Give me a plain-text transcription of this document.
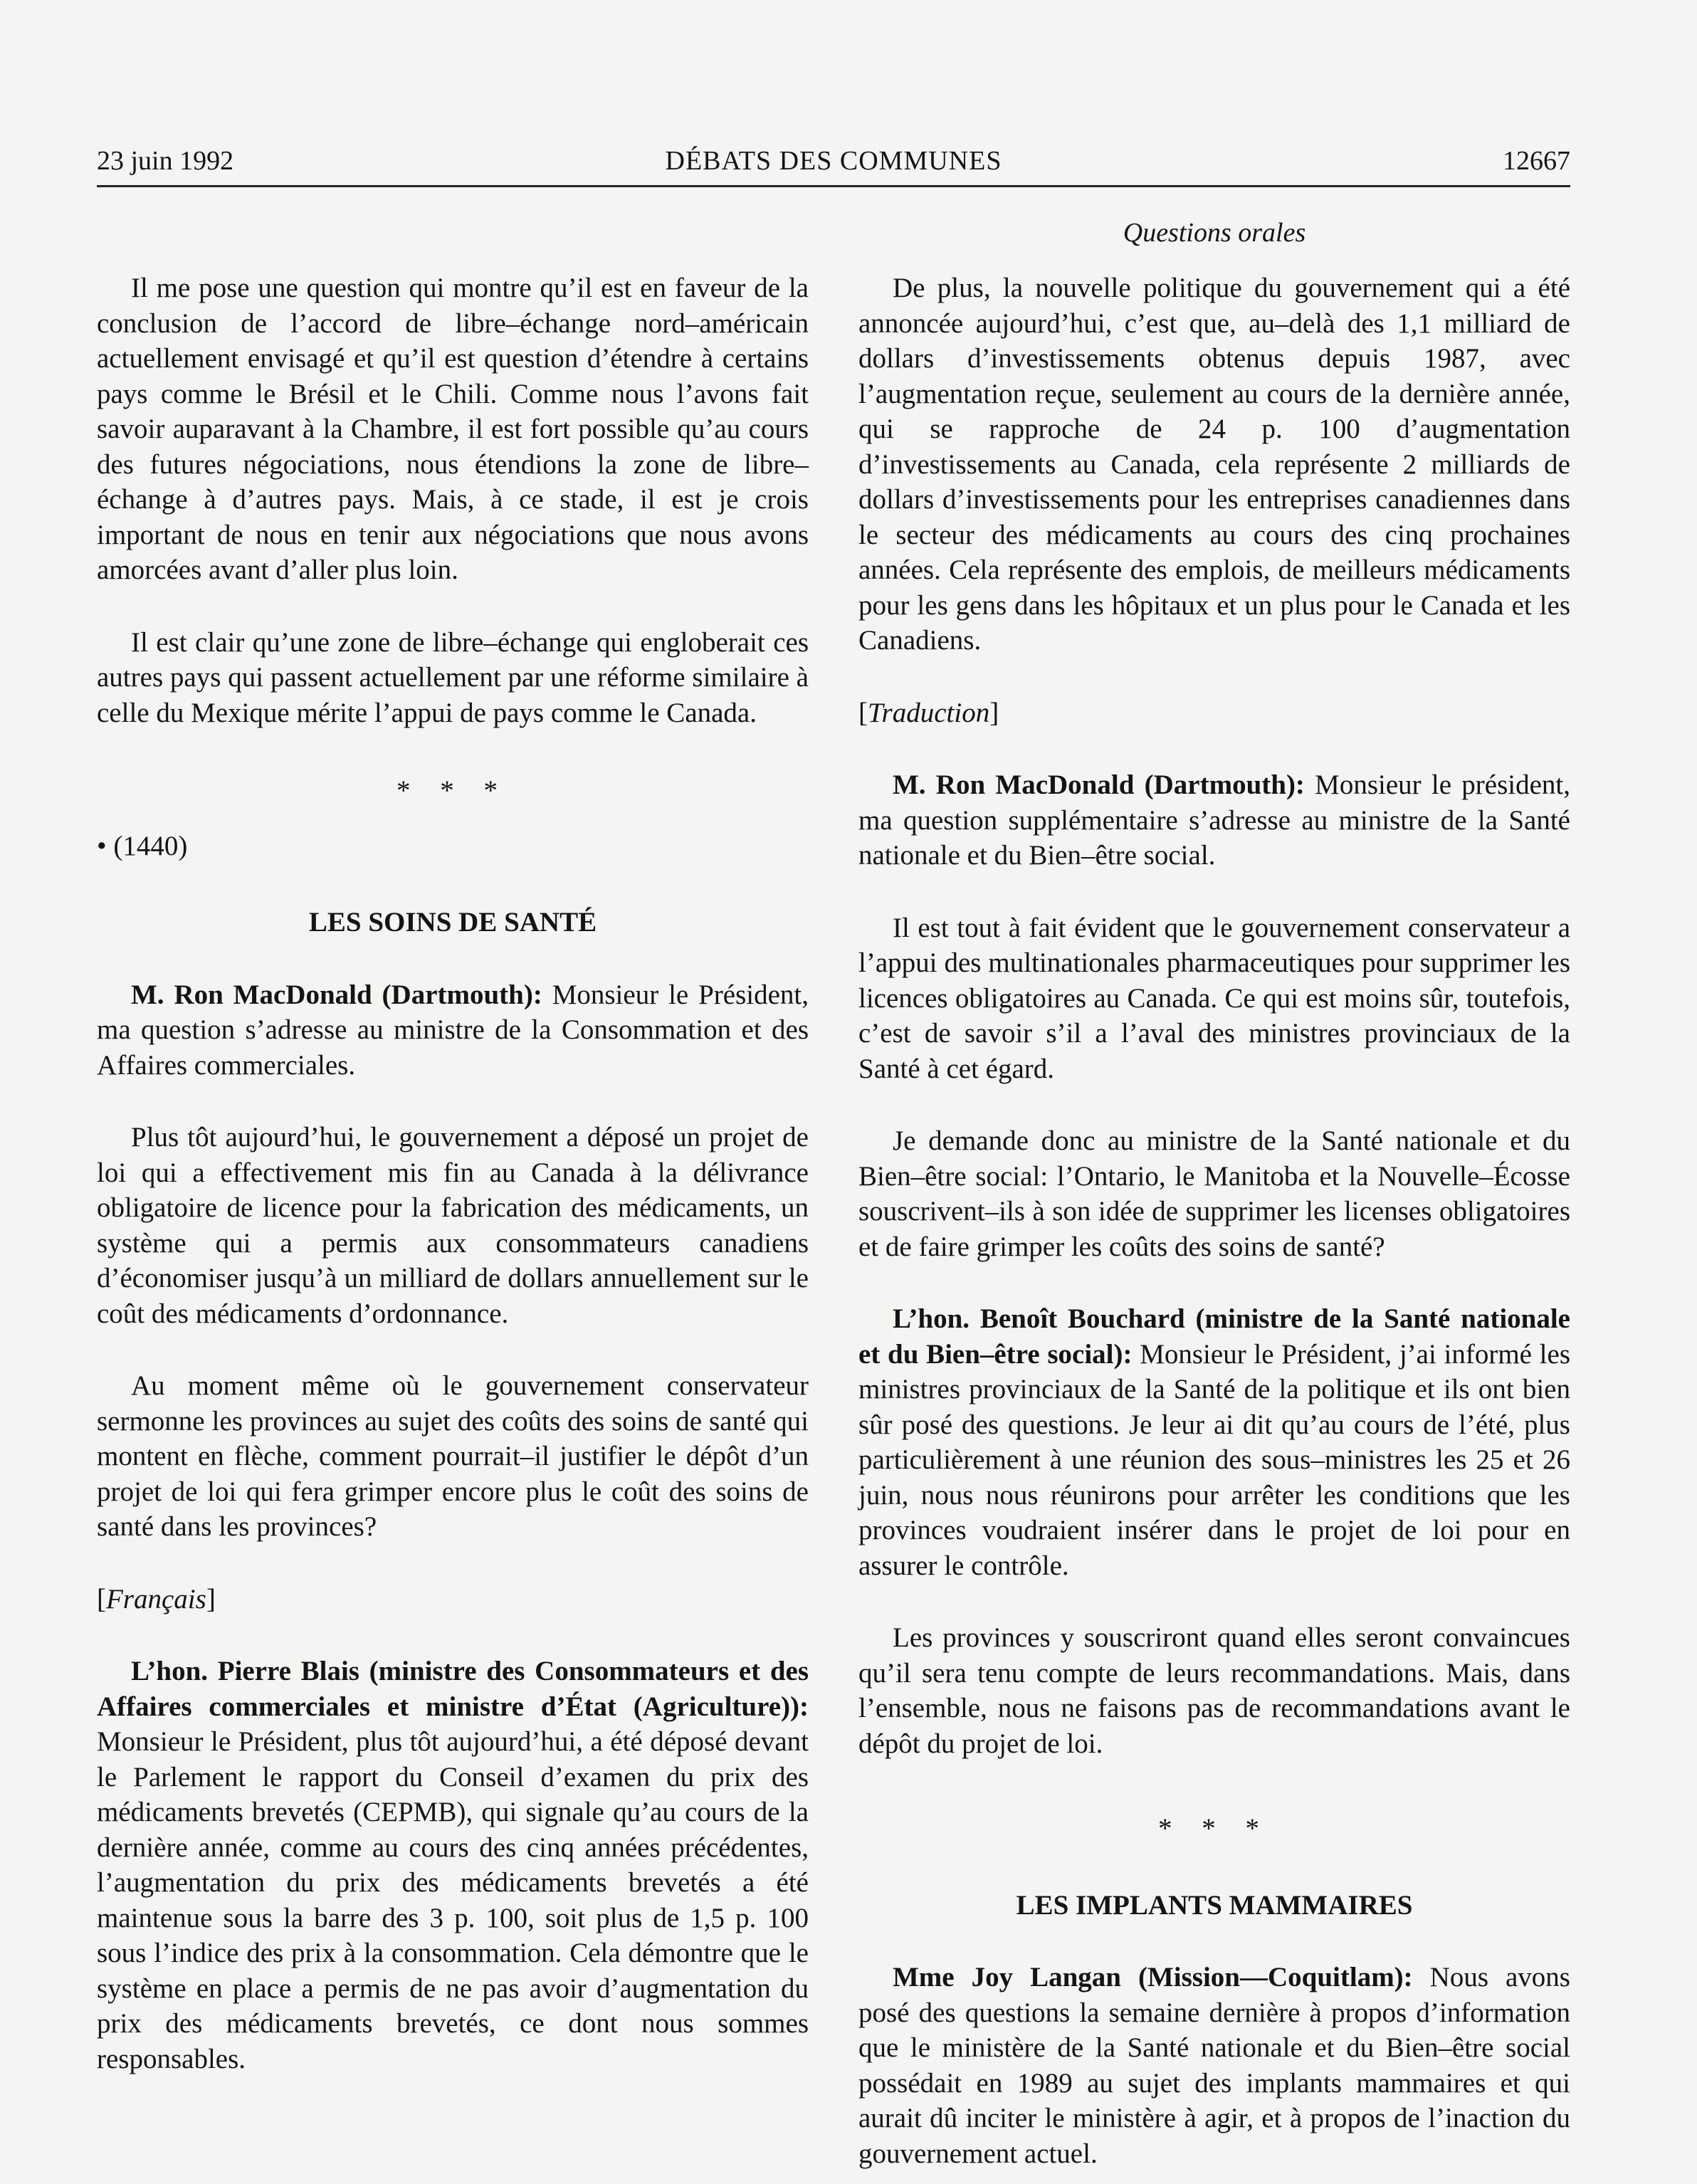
23 juin 1992	DÉBATS DES COMMUNES	12667
Questions orales

Il me pose une question qui montre qu’il est en faveur de la conclusion de l’accord de libre–échange nord–américain actuellement envisagé et qu’il est question d’étendre à certains pays comme le Brésil et le Chili. Comme nous l’avons fait savoir auparavant à la Chambre, il est fort possible qu’au cours des futures négociations, nous étendions la zone de libre–échange à d’autres pays. Mais, à ce stade, il est je crois important de nous en tenir aux négociations que nous avons amorcées avant d’aller plus loin.

Il est clair qu’une zone de libre–échange qui engloberait ces autres pays qui passent actuellement par une réforme similaire à celle du Mexique mérite l’appui de pays comme le Canada.

* * *

• (1440)

LES SOINS DE SANTÉ

M. Ron MacDonald (Dartmouth): Monsieur le Président, ma question s’adresse au ministre de la Consommation et des Affaires commerciales.

Plus tôt aujourd’hui, le gouvernement a déposé un projet de loi qui a effectivement mis fin au Canada à la délivrance obligatoire de licence pour la fabrication des médicaments, un système qui a permis aux consommateurs canadiens d’économiser jusqu’à un milliard de dollars annuellement sur le coût des médicaments d’ordonnance.

Au moment même où le gouvernement conservateur sermonne les provinces au sujet des coûts des soins de santé qui montent en flèche, comment pourrait–il justifier le dépôt d’un projet de loi qui fera grimper encore plus le coût des soins de santé dans les provinces?

[Français]

L’hon. Pierre Blais (ministre des Consommateurs et des Affaires commerciales et ministre d’État (Agriculture)): Monsieur le Président, plus tôt aujourd’hui, a été déposé devant le Parlement le rapport du Conseil d’examen du prix des médicaments brevetés (CEPMB), qui signale qu’au cours de la dernière année, comme au cours des cinq années précédentes, l’augmentation du prix des médicaments brevetés a été maintenue sous la barre des 3 p. 100, soit plus de 1,5 p. 100 sous l’indice des prix à la consommation. Cela démontre que le système en place a permis de ne pas avoir d’augmentation du prix des médicaments brevetés, ce dont nous sommes responsables.

De plus, la nouvelle politique du gouvernement qui a été annoncée aujourd’hui, c’est que, au–delà des 1,1 milliard de dollars d’investissements obtenus depuis 1987, avec l’augmentation reçue, seulement au cours de la dernière année, qui se rapproche de 24 p. 100 d’augmentation d’investissements au Canada, cela représente 2 milliards de dollars d’investissements pour les entreprises canadiennes dans le secteur des médicaments au cours des cinq prochaines années. Cela représente des emplois, de meilleurs médicaments pour les gens dans les hôpitaux et un plus pour le Canada et les Canadiens.

[Traduction]

M. Ron MacDonald (Dartmouth): Monsieur le président, ma question supplémentaire s’adresse au ministre de la Santé nationale et du Bien–être social.

Il est tout à fait évident que le gouvernement conservateur a l’appui des multinationales pharmaceutiques pour supprimer les licences obligatoires au Canada. Ce qui est moins sûr, toutefois, c’est de savoir s’il a l’aval des ministres provinciaux de la Santé à cet égard.

Je demande donc au ministre de la Santé nationale et du Bien–être social: l’Ontario, le Manitoba et la Nouvelle–Écosse souscrivent–ils à son idée de supprimer les licenses obligatoires et de faire grimper les coûts des soins de santé?

L’hon. Benoît Bouchard (ministre de la Santé nationale et du Bien–être social): Monsieur le Président, j’ai informé les ministres provinciaux de la Santé de la politique et ils ont bien sûr posé des questions. Je leur ai dit qu’au cours de l’été, plus particulièrement à une réunion des sous–ministres les 25 et 26 juin, nous nous réunirons pour arrêter les conditions que les provinces voudraient insérer dans le projet de loi pour en assurer le contrôle.

Les provinces y souscriront quand elles seront convaincues qu’il sera tenu compte de leurs recommandations. Mais, dans l’ensemble, nous ne faisons pas de recommandations avant le dépôt du projet de loi.

* * *

LES IMPLANTS MAMMAIRES

Mme Joy Langan (Mission—Coquitlam): Nous avons posé des questions la semaine dernière à propos d’information que le ministère de la Santé nationale et du Bien–être social possédait en 1989 au sujet des implants mammaires et qui aurait dû inciter le ministère à agir, et à propos de l’inaction du gouvernement actuel.
